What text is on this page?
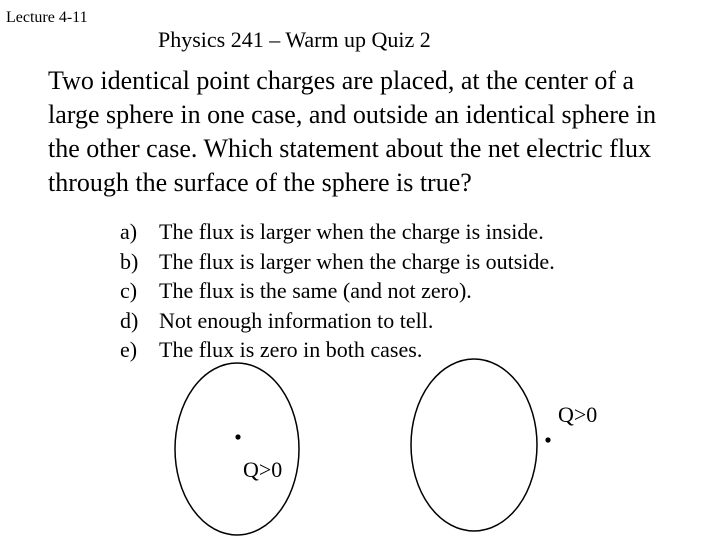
Lecture 4-11
Physics 241 – Warm up Quiz 2

Two identical point charges are placed, at the center of a
large sphere in one case, and outside an identical sphere in
the other case. Which statement about the net electric flux
through the surface of the sphere is true?

a) The flux is larger when the charge is inside.
b) The flux is larger when the charge is outside.
c) The flux is the same (and not zero).
d) Not enough information to tell.
e) The flux is zero in both cases.
Q>0
Q>0
